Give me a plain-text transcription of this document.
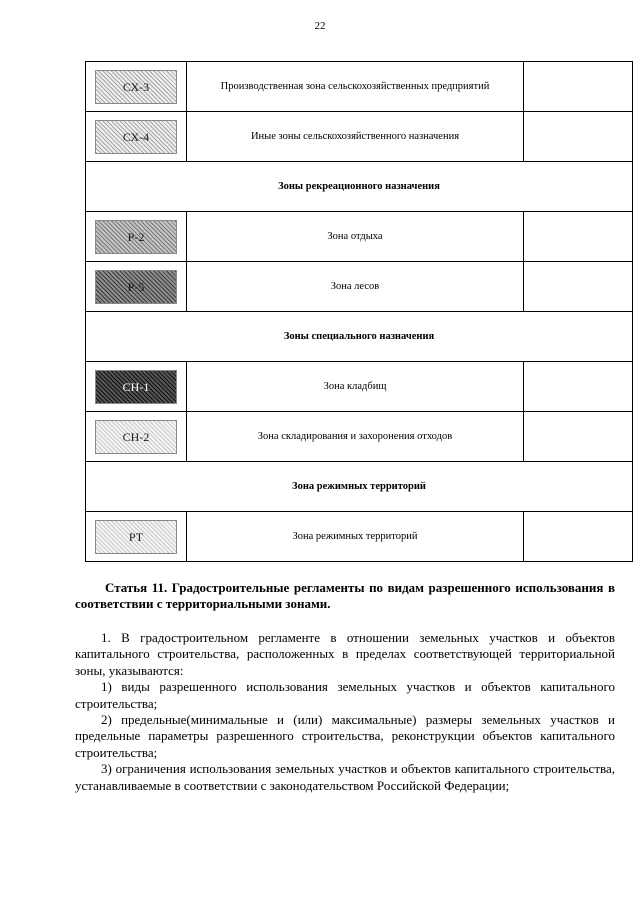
22
СХ-3	Производственная зона сельскохозяйственных предприятий	
СХ-4	Иные зоны сельскохозяйственного назначения	
Зоны рекреационного назначения		
Р-2	Зона отдыха	
Р-5	Зона лесов	
Зоны специального назначения		
СН-1	Зона кладбищ	
СН-2	Зона складирования и захоронения отходов	
Зона режимных территорий		
РТ	Зона режимных территорий	
Статья 11. Градостроительные регламенты по видам разрешенного использования в соответствии с территориальными зонами.

1. В градостроительном регламенте в отношении земельных участков и объектов капитального строительства, расположенных в пределах соответствующей территориальной зоны, указываются:

1) виды разрешенного использования земельных участков и объектов капитального строительства;

2) предельные(минимальные и (или) максимальные) размеры земельных участков и предельные параметры разрешенного строительства, реконструкции объектов капитального строительства;

3) ограничения использования земельных участков и объектов капитального строительства, устанавливаемые в соответствии с законодательством Российской Федерации;
